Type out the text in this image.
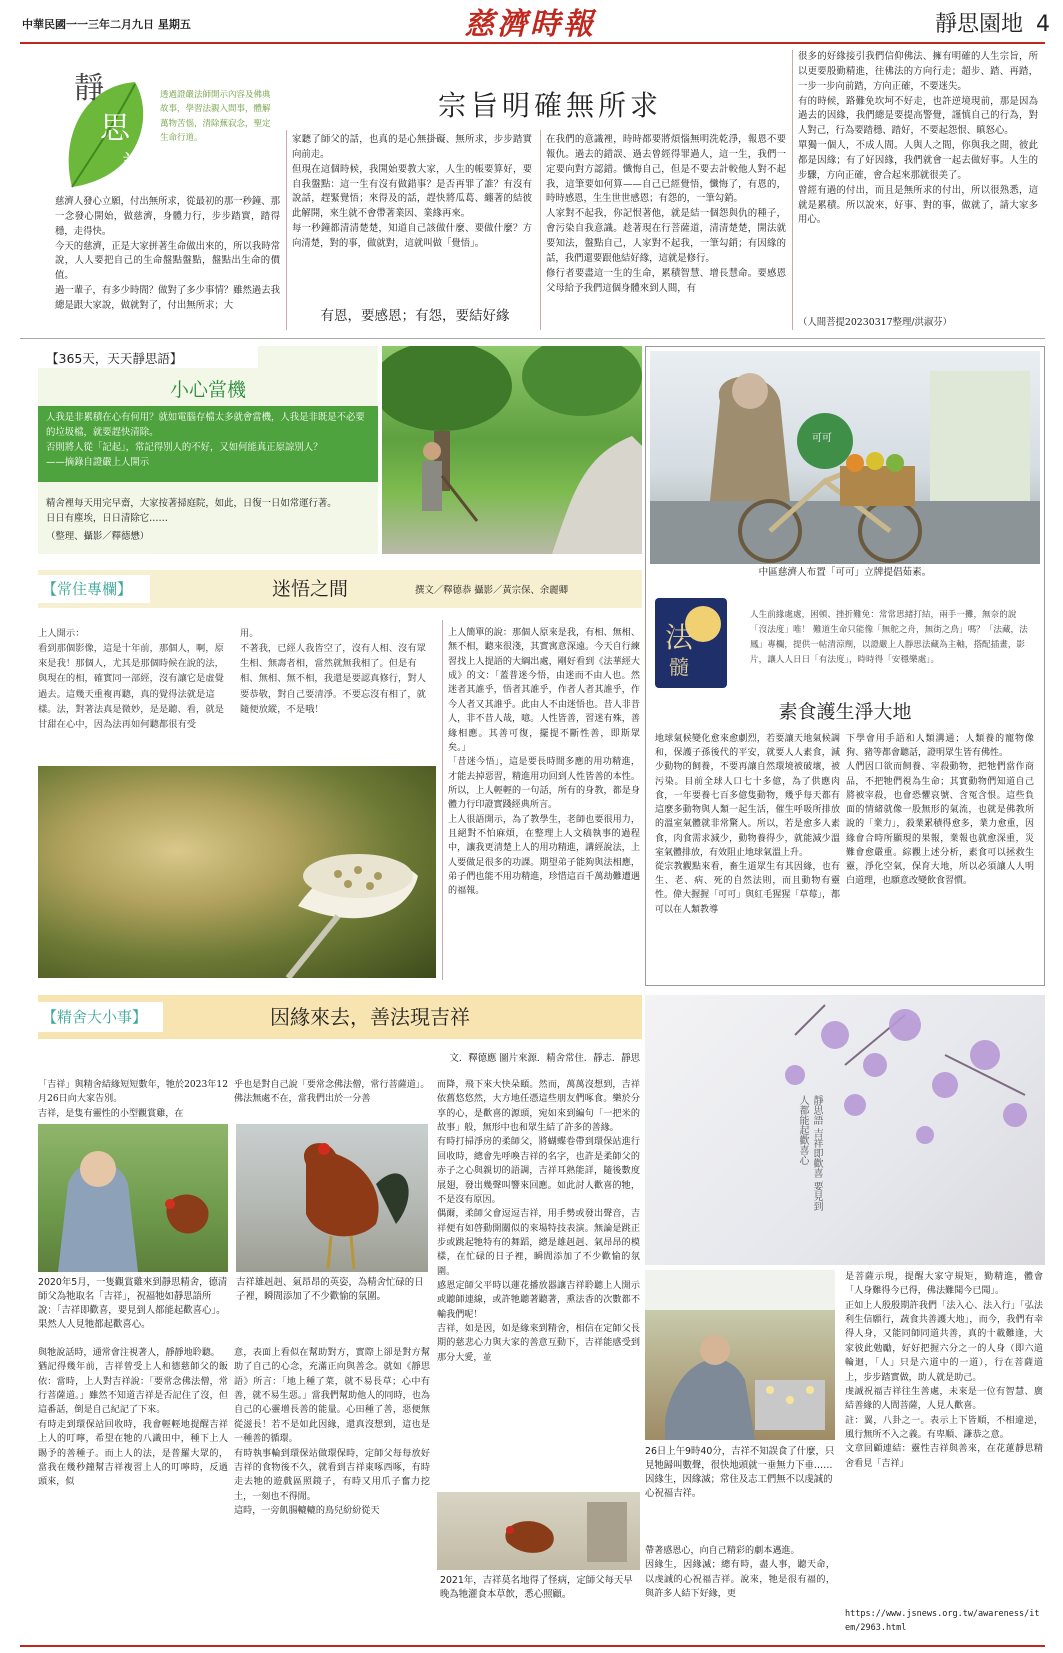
中華民國一一三年二月九日 星期五	慈濟時報	靜思園地 4
靜
思
語
透過證嚴法師開示內容及佛典故事，學習法親入間事，體解萬物苦惱，清除蕪寂念，聖定生命行道。
宗旨明確無所求
慈濟人發心立願，付出無所求，從最初的那一秒鐘、那一念發心開始，做慈濟，身體力行，步步踏實，踏得穩，走得快。
今天的慈濟，正是大家拼著生命做出來的，所以我時常說，人人要把自己的生命盤點盤點，盤點出生命的價值。
過一輩子，有多少時間？做對了多少事情？雖然過去我總是跟大家說，做就對了，付出無所求；大
家聽了師父的話，也真的是心無掛礙、無所求，步步踏實向前走。
但現在這個時候，我開始要教大家，人生的帳要算好，要自我盤點：這一生有沒有做錯事？是否再罪了誰？有沒有說話，趕緊覺悟；來得及的話，趕快將瓜葛、纏著的結彼此解開，來生就不會帶著業因、業緣再來。
每一秒鐘都清清楚楚，知道自己該做什麼、要做什麼？方向清楚，對的事，做就對，這就叫做「覺悟」。
有恩，要感恩；有怨，要結好緣
在我們的意識裡，時時都要將煩惱無明洗乾淨，報恩不要報仇。過去的錯誤、過去曾經得罪過人，這一生，我們一定要向對方認錯。懺悔自己，但是不要去計較他人對不起我，這筆要如何算——自己已經覺悟，懺悔了，有恩的，時時感恩，生生世世感恩；有怨的，一筆勾銷。
人家對不起我，你記恨著他，就是結一個怨與仇的種子，會污染自我意識。趁著現在行菩薩道，清清楚楚，開法就要知法，盤點自己，人家對不起我，一筆勾銷；有因緣的話，我們還要跟他結好緣，這就是修行。
修行者要盡這一生的生命，累積智慧、增長慧命。要感恩父母給予我們這個身體來到人間，有
很多的好緣接引我們信仰佛法、擁有明確的人生宗旨，所以更要殷勤精進，往佛法的方向行走；超步、踏、再踏，一步一步向前踏，方向正確，不要迷失。
有的時候，路難免坎坷不好走，也許逆境現前，那是因為過去的因緣，我們總是要提高警覺，謹慎自己的行為，對人對己，行為要踏穩、踏好，不要起怨恨、瞋怒心。
單獨一個人，不成人間。人與人之間，你與我之間，彼此都是因緣；有了好因緣，我們就會一起去做好事。人生的步驟，方向正確，會合起來那就很美了。
曾經有過的付出，而且是無所求的付出，所以很熟悉，這就是累積。所以說來，好事、對的事，做就了，請大家多用心。
（人間菩提20230317整理/洪淑芬）
【365天，天天靜思語】
小心當機
人我是非累積在心有何用？就如電腦存檔太多就會當機，人我是非既是不必要的垃圾檔，就要趕快清除。
否則將人從「記起」，常記得別人的不好，又如何能真正原諒別人？
——摘錄自證嚴上人開示
精舍裡每天用完早齋，大家按著掃庭院，如此，日復一日如常運行著。
日日有塵埃，日日清除它……
（整理、攝影／釋德懋）
可可
中區慈濟人布置「可可」立牌提倡茹素。
法
髓
人生前緣處處，困頓、挫折難免：常常思緒打結，兩手一攤，無奈的說「沒法度」唯！ 難道生命只能像「無舵之舟，無街之鳥」嗎？「法藏，法鳳」專欄，提供一帖清涼劑，以證嚴上人靜思法藏為主軸，搭配插畫，影片，讓人人日日「有法度」，時時得「安穩樂處」。
素食護生淨大地
地球氣候變化愈來愈劇烈，若要讓天地氣候調和，保護子孫後代的平安，就要人人素食，減少動物的飼養，不要再讓自然環境被破壞，被污染。目前全球人口七十多億，為了供應肉食，一年要養七百多億隻動物，幾乎每天都有這麼多動物與人類一起生活，催生呼吸所排放的溫室氣體就非常驚人。所以，若是愈多人素食，肉食需求減少，動物養得少，就能減少溫室氣體排放，有效阻止地球氣溫上升。
從宗教觀點來看，畜生道眾生有其因緣，也有生、老、病、死的自然法則，而且動物有靈性。偉大握握「可可」與紅毛猩猩「草莓」，都可以在人類教導
下學會用手語和人類溝通；人類養的寵物像狗、豬等都會聽話，證明眾生皆有佛性。
人們因口欲而飼養、宰殺動物，把牠們當作商品，不把牠們視為生命；其實動物們知道自己將被宰殺，也會恐懼哀號、含冤含恨。這些負面的情緒就像一股無形的氣流，也就是佛教所說的「業力」，殺業累積得愈多，業力愈重，因緣會合時所顯現的果報，業報也就愈深重，災難會愈嚴重。綜觀上述分析，素食可以拯救生靈，淨化空氣，保育大地，所以必須讓人人明白道理，也願意改變飲食習慣。
【常住專欄】	迷悟之間	撰文／釋德恭 攝影／黃宗保、余麗卿
上人開示：
看到那個影像，這是十年前，那個人，啊，原來是我！那個人，尤其是那個時候在說的法，與現在的相，確實同一部經，沒有讓它是虛覺過去。這幾天重複再聽，真的覺得法就是這樣。法，對著法真是微妙，是是聽、看，就是甘甜在心中，因為法再如何聽都很有受
用。
不著我，已經人我皆空了，沒有人相、沒有眾生相、無壽者相，當然就無我相了。但是有相、無相、無不相，我還是要認真修行，對人要恭敬，對自己要清淨。不要忘沒有相了，就隨便放縱，不是哦！
上人簡單的說：那個人原來是我，有相、無相、無不相，聽來很淺，其實寓意深遠。今天自行練習找上人提語的大綱出處，剛好看到《法華經大成》的文：「蓋普迷今悟，由迷而不由人也。然迷者其誰乎，悟者其誰乎，作者人者其誰乎，作今人者又其誰乎。此由人不由迷悟也。昔人非昔人，非不昔人哉，噫。人性皆善，習迷有殊，善緣相應。其善可復，擺提不斷性善，即斯眾矣。」
「昔迷今悟」，這是要長時間多應的用功精進，才能去掉惡習，精進用功回到人性皆善的本性。所以，上人輕輕的一句話，所有的身教，都是身體力行印證實踐經典所言。
上人很語開示，為了教學生，老師也要很用力，且絕對不怕麻煩，在整理上人文稿執事的過程中，讓我更清楚上人的用功精進，講經說法，上人要做足很多的功課。期望弟子能夠與法相應，弟子們也能不用功精進，珍惜這百千萬劫難遭遇的福報。
【精舍大小事】	因緣來去，善法現吉祥
文．釋德應 圖片來源．精舍常住．靜志．靜思
靜思語 吉祥即歡喜 要見到人都能起歡喜心
「吉祥」與精舍結緣短短數年，牠於2023年12月26日向大家告別。
吉祥，是隻有靈性的小型觀賞雞，在
2020年5月，一隻觀賞雞來到靜思精舍，德清師父為牠取名「吉祥」，祝福牠如靜思語所說：「吉祥即歡喜，要見到人都能起歡喜心」。果然人人見牠都起歡喜心。
與牠說話時，通常會注視著人，靜靜地聆聽。
猶記得幾年前，吉祥曾受上人和德慈師父的飯依：當時，上人對吉祥說：「要常念佛法僧，常行菩薩道。」雖然不知道吉祥是否記住了沒，但這番話，倒是自己紀記了下來。
有時走到環保站回收時，我會輕輕地提醒吉祥上人的叮嚀，希望在牠的八識田中，種下上人賜予的善種子。而上人的法，是普羅大眾的，當我在幾秒鐘幫吉祥複習上人的叮嚀時，反過頭來，似
乎也是對自己說「要常念佛法僧，常行菩薩道」。
佛法無處不在，當我們出於一分善
吉祥雄赳赳、氣昂昂的英姿，為精舍忙碌的日子裡，瞬間添加了不少歡愉的氛圍。
意，表面上看似在幫助對方，實際上卻是對方幫助了自己的心念，充滿正向與善念。就如《靜思語》所言：「地上種了菜，就不易長草；心中有善，就不易生惡。」當我們幫助他人的同時，也為自己的心靈增長善的能量。心田種了善，惡便無從滋長！若不是如此因緣，還真沒想到，這也是一種善的循環。
有時執事輪到環保站做環保時，定師父每每放好吉祥的食物後不久，就看到吉祥東啄西啄，有時走去牠的遊戲區照鏡子，有時又用爪子奮力挖土，一刻也不得閒。
這時，一旁飢腸轆轆的鳥兒紛紛從天
而降，飛下來大快朵頤。然而，萬萬沒想到，吉祥依舊悠悠然，大方地任憑這些朋友們啄食。樂於分享的心，是歡喜的源頭，宛如來到編句「一把米的故事」般，無形中也和眾生結了許多的善緣。
有時打掃淨房的柔師父，將蝴蝶卷帶到環保站進行回收時，總會先呼喚吉祥的名字，也許是柔師父的赤子之心與親切的語調，吉祥耳熟能詳，隨後數度展翅，發出幾聲叫響來回應。如此討人歡喜的牠，不是沒有原因。
偶爾，柔師父會逗逗吉祥，用手勢或發出聲音，吉祥便有如啓動開關似的來場特技表演。無論是跳正步或跳起牠特有的舞蹈，總是雄赳赳、氣昂昂的模樣，在忙碌的日子裡，瞬間添加了不少歡愉的氛圍。
感恩定師父平時以蓮花播放器讓吉祥聆聽上人開示或聽師連線，或許牠聽著聽著，熏法香的次數都不輸我們呢！
吉祥，如是因，如是緣來到精舍，相信在定師父長期的慈悲心力與大家的善意互動下，吉祥能感受到那分大愛，並
2021年，吉祥莫名地得了怪病，定師父每天早晚為牠灌食本草飲，悉心照顧。
26日上午9時40分，吉祥不知誤食了什麼，只見牠歸叫數聲，很快地頭就一垂無力下垂……因緣生，因緣滅；常住及志工們無不以虔誠的心祝福吉祥。
帶著感恩心，向自己精彩的劇本邁進。
因緣生，因緣滅；總有時，盡人事，聽天命，以虔誠的心祝福吉祥。說來，牠是很有福的，與許多人結下好緣，更
是菩薩示現，提醒大家守規矩，勤精進，體會「人身難得今已得，佛法難聞今已聞」。
正如上人殷殷期許我們「法入心、法入行」「弘法利生信願行，蔬食共善護大地」，而今，我們有幸得人身，又能同師同道共善，真的十載難逢，大家彼此勉勵，好好把握六分之一的人身（即六道輪迴，「人」只是六道中的一道），行在菩薩道上，步步踏實做，助人就是助己。
虔誠祝福吉祥往生善處，未來是一位有智慧、廣結善緣的人間菩薩，人見人歡喜。
註：翼，八卦之一。表示上下皆順，不相違逆，風行無所不入之義。有卑順、謙恭之意。
文章回顧連結：靈性吉祥與善來，在花蓮靜思精舍看見「吉祥」
https://www.jsnews.org.tw/awareness/item/2963.html
